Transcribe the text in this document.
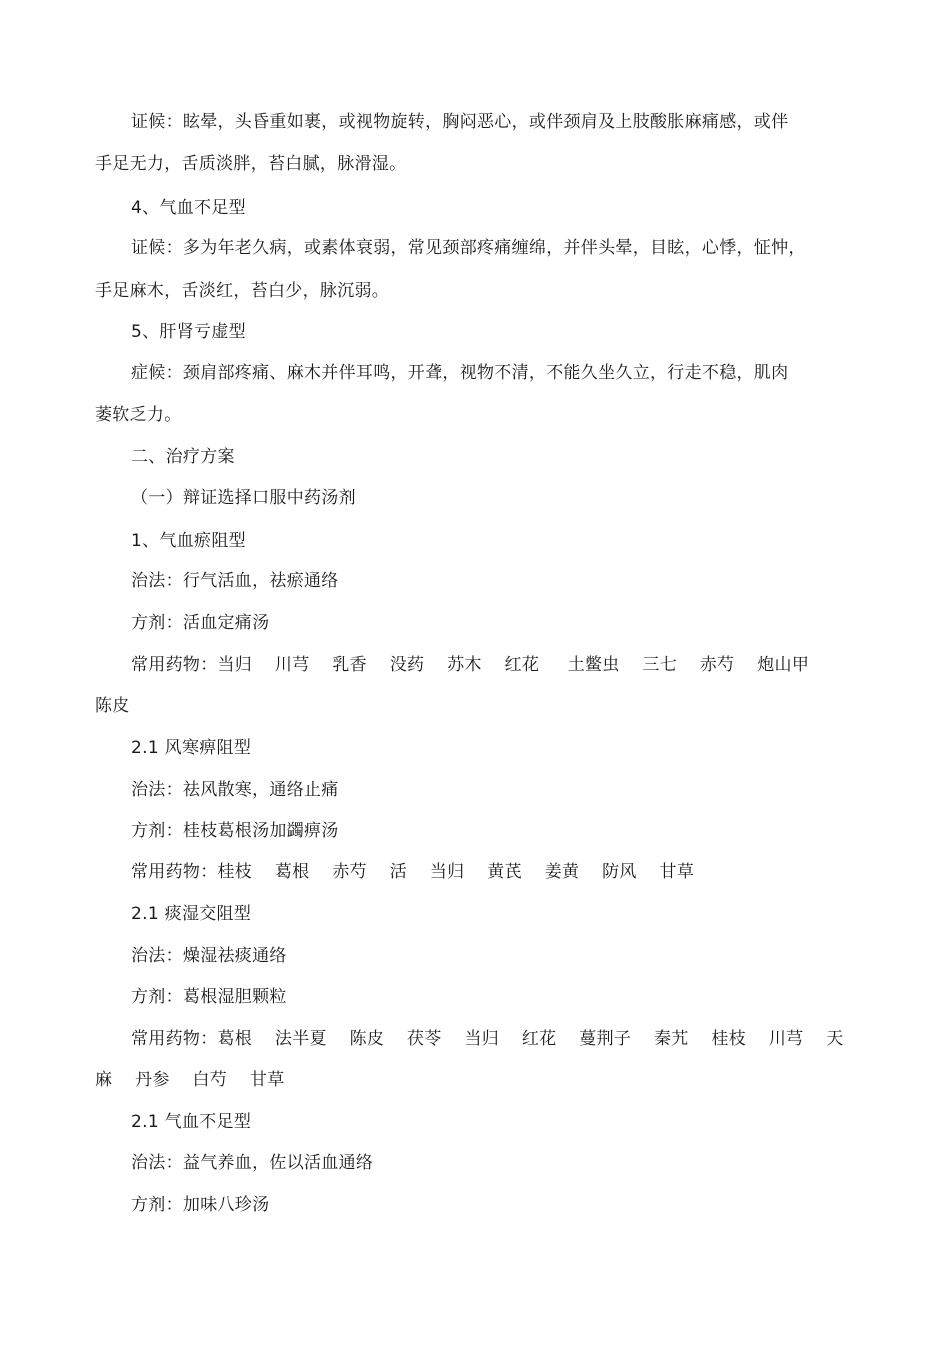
证候：眩晕，头昏重如裹，或视物旋转，胸闷恶心，或伴颈肩及上肢酸胀麻痛感，或伴
手足无力，舌质淡胖，苔白腻，脉滑湿。
4、气血不足型
证候：多为年老久病，或素体衰弱，常见颈部疼痛缠绵，并伴头晕，目眩，心悸，怔忡，
手足麻木，舌淡红，苔白少，脉沉弱。
5、肝肾亏虚型
症候：颈肩部疼痛、麻木并伴耳鸣，开聋，视物不清，不能久坐久立，行走不稳，肌肉
萎软乏力。
二、治疗方案
（一）辩证选择口服中药汤剂
1、气血瘀阻型
治法：行气活血，祛瘀通络
方剂：活血定痛汤
常用药物：当归    川芎    乳香    没药    苏木    红花     土鳖虫    三七    赤芍    炮山甲
陈皮
2.1 风寒痹阻型
治法：祛风散寒，通络止痛
方剂：桂枝葛根汤加蠲痹汤
常用药物：桂枝    葛根    赤芍    活    当归    黄芪    姜黄    防风    甘草
2.1 痰湿交阻型
治法：燥湿祛痰通络
方剂：葛根湿胆颗粒
常用药物：葛根    法半夏    陈皮    茯苓    当归    红花    蔓荆子    秦艽    桂枝    川芎    天
麻    丹参    白芍    甘草
2.1 气血不足型
治法：益气养血，佐以活血通络
方剂：加味八珍汤
